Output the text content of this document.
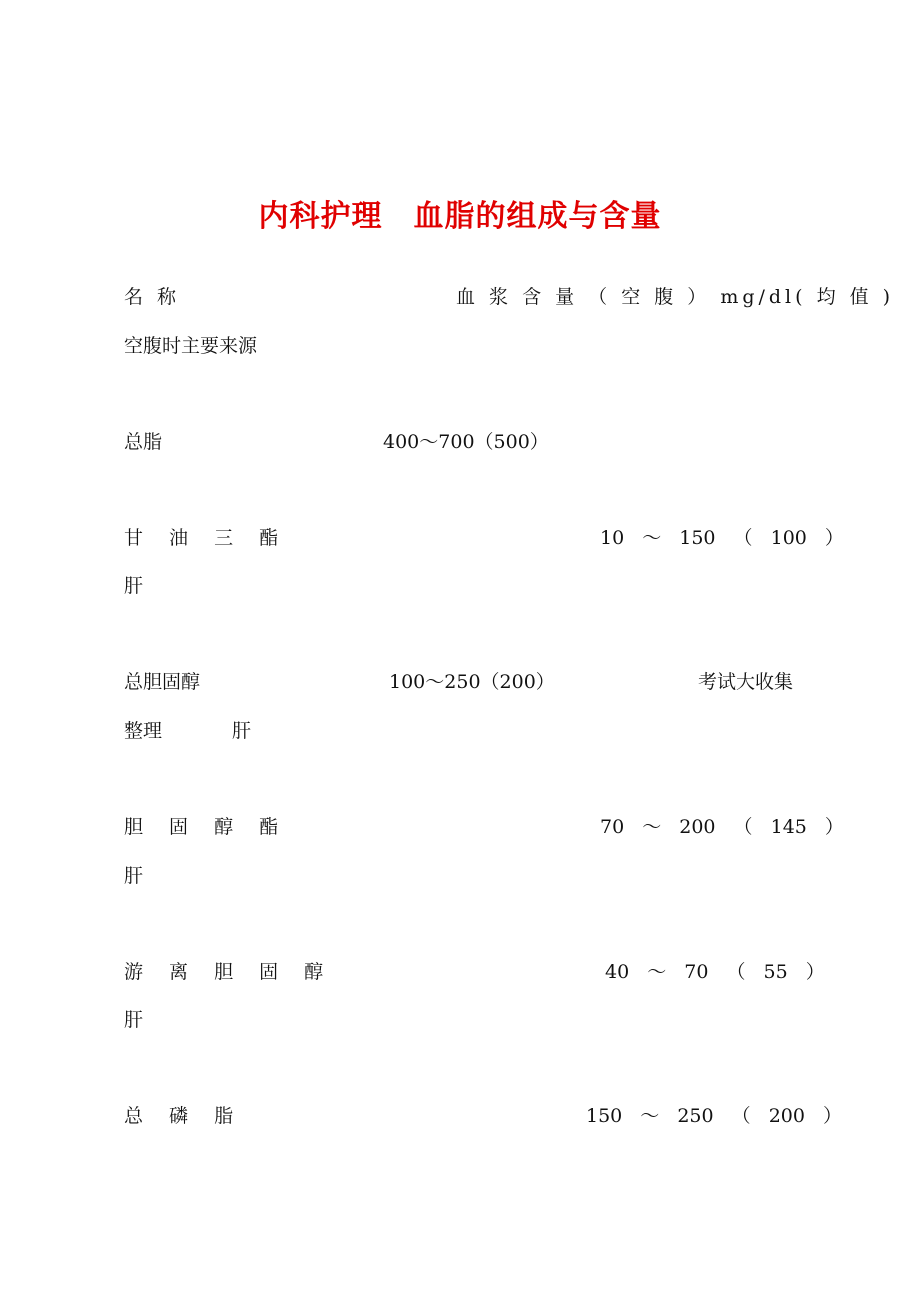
内科护理　血脂的组成与含量
名 称	血 浆 含 量 （ 空 腹 ） mg/dl( 均 值 )
空腹时主要来源
总脂	400～700（500）
甘 油 三 酯	10 ～ 150 （ 100 ）
肝
总胆固醇	100～250（200）	考试大收集
整理	肝
胆 固 醇 酯	70 ～ 200 （ 145 ）
肝
游 离 胆 固 醇	40 ～ 70 （ 55 ）
肝
总 磷 脂	150 ～ 250 （ 200 ）
